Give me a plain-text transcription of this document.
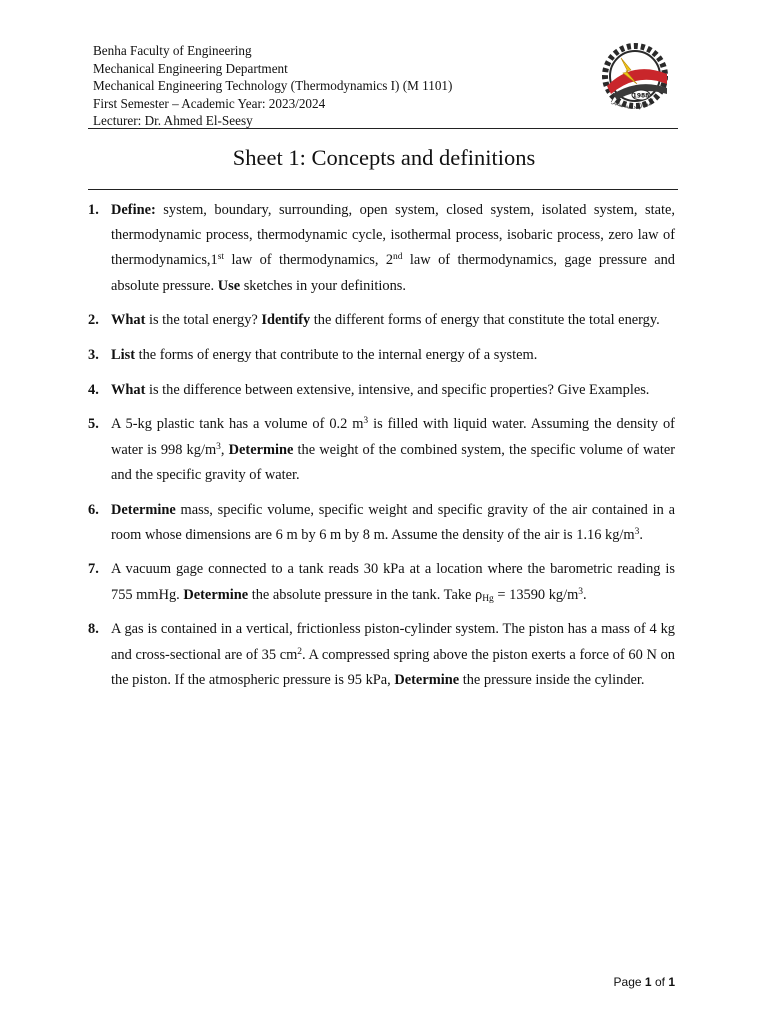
Benha Faculty of Engineering
Mechanical Engineering Department
Mechanical Engineering Technology (Thermodynamics I) (M 1101)
First Semester – Academic Year: 2023/2024
Lecturer: Dr. Ahmed El-Seesy
1988
كلية الهندسة بشبرا
Sheet 1: Concepts and definitions
1. Define: system, boundary, surrounding, open system, closed system, isolated system, state, thermodynamic process, thermodynamic cycle, isothermal process, isobaric process, zero law of thermodynamics,1st law of thermodynamics, 2nd law of thermodynamics, gage pressure and absolute pressure. Use sketches in your definitions.
2. What is the total energy? Identify the different forms of energy that constitute the total energy.
3. List the forms of energy that contribute to the internal energy of a system.
4. What is the difference between extensive, intensive, and specific properties? Give Examples.
5. A 5-kg plastic tank has a volume of 0.2 $m^3$ is filled with liquid water. Assuming the density of water is 998 $kg/m^3$, Determine the weight of the combined system, the specific volume of water and the specific gravity of water.
6. Determine mass, specific volume, specific weight and specific gravity of the air contained in a room whose dimensions are 6 m by 6 m by 8 m. Assume the density of the air is 1.16 $kg/m^3$.
7. A vacuum gage connected to a tank reads 30 kPa at a location where the barometric reading is 755 mmHg. Determine the absolute pressure in the tank. Take $\rho_{Hg} = 13590$ $kg/m^3$.
8. A gas is contained in a vertical, frictionless piston-cylinder system. The piston has a mass of 4 kg and cross-sectional are of 35 $cm^2$. A compressed spring above the piston exerts a force of 60 N on the piston. If the atmospheric pressure is 95 kPa, Determine the pressure inside the cylinder.
Page 1 of 1
